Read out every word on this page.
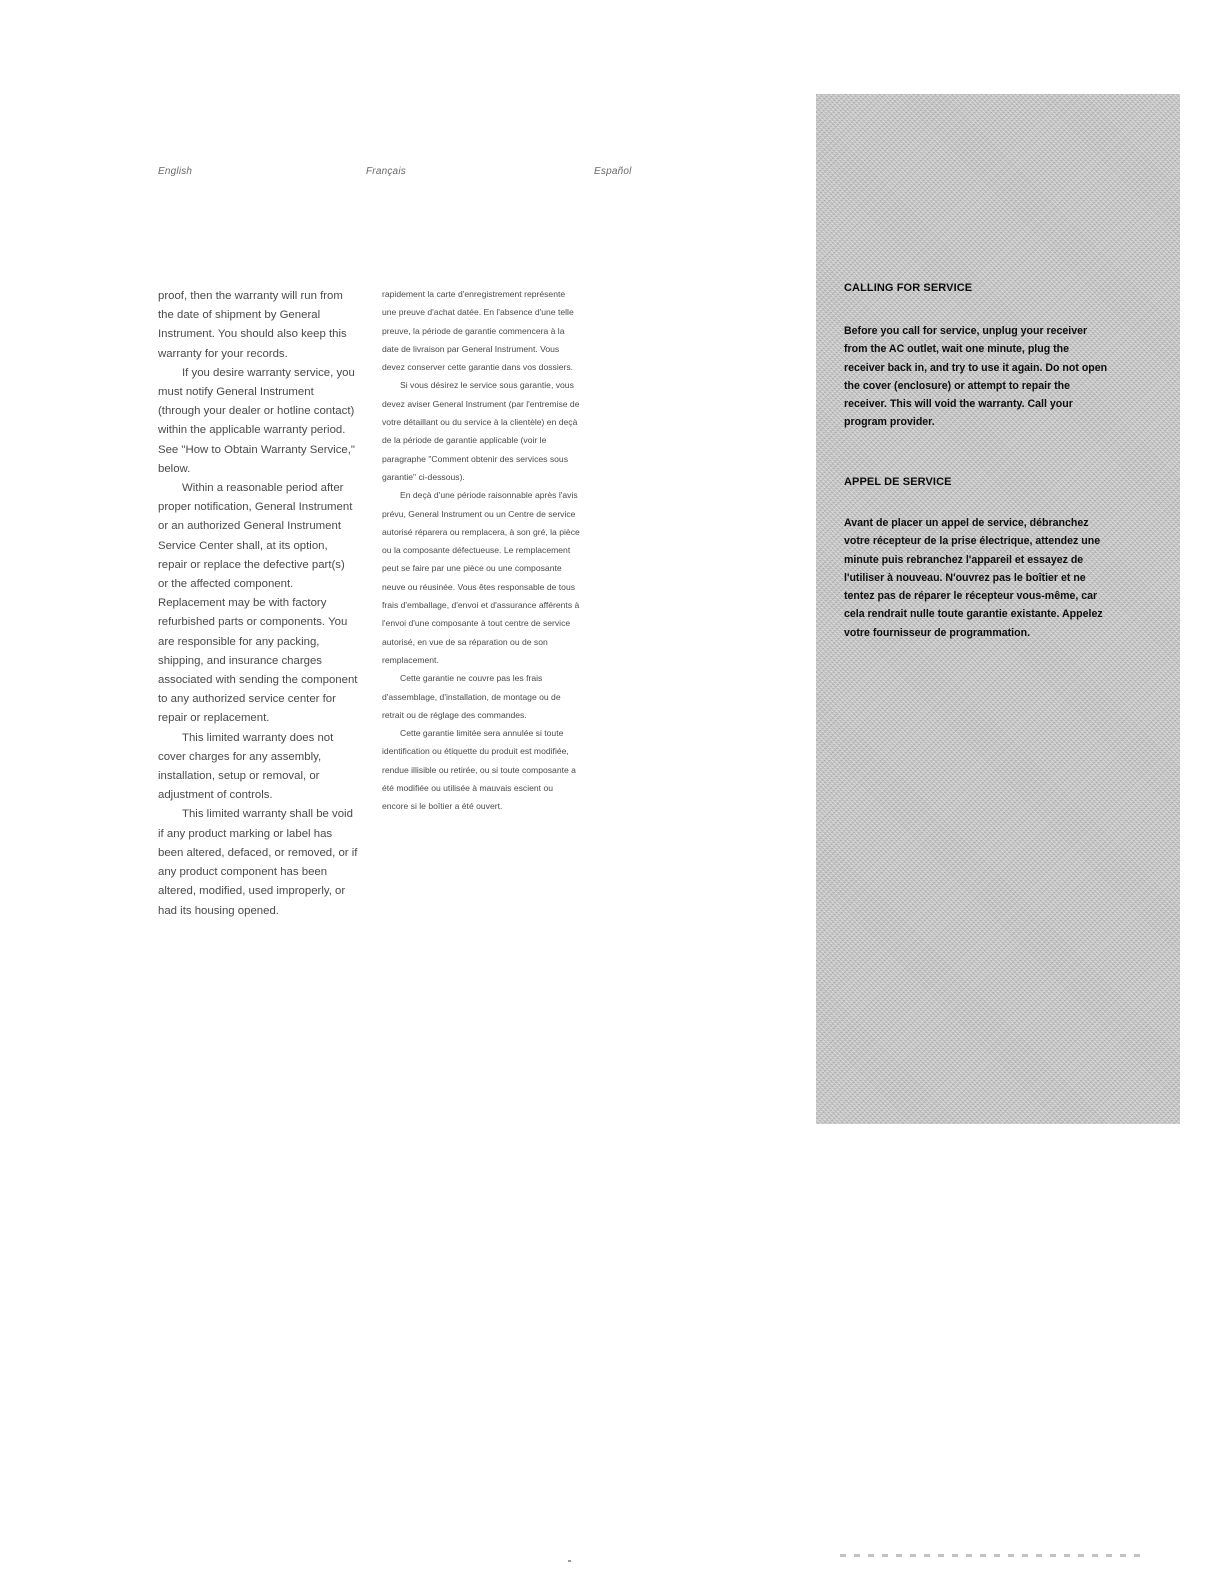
English	Français	Español

proof, then the warranty will run from the date of shipment by General Instrument. You should also keep this warranty for your records.

If you desire warranty service, you must notify General Instrument (through your dealer or hotline contact) within the applicable warranty period. See "How to Obtain Warranty Service," below.

Within a reasonable period after proper notification, General Instrument or an authorized General Instrument Service Center shall, at its option, repair or replace the defective part(s) or the affected component. Replacement may be with factory refurbished parts or components. You are responsible for any packing, shipping, and insurance charges associated with sending the component to any authorized service center for repair or replacement.

This limited warranty does not cover charges for any assembly, installation, setup or removal, or adjustment of controls.

This limited warranty shall be void if any product marking or label has been altered, defaced, or removed, or if any product component has been altered, modified, used improperly, or had its housing opened.

rapidement la carte d'enregistrement représente une preuve d'achat datée. En l'absence d'une telle preuve, la période de garantie commencera à la date de livraison par General Instrument. Vous devez conserver cette garantie dans vos dossiers.

Si vous désirez le service sous garantie, vous devez aviser General Instrument (par l'entremise de votre détaillant ou du service à la clientèle) en deçà de la période de garantie applicable (voir le paragraphe "Comment obtenir des services sous garantie" ci-dessous).

En deçà d'une période raisonnable après l'avis prévu, General Instrument ou un Centre de service autorisé réparera ou remplacera, à son gré, la pièce ou la composante défectueuse. Le remplacement peut se faire par une pièce ou une composante neuve ou réusinée. Vous êtes responsable de tous frais d'emballage, d'envoi et d'assurance afférents à l'envoi d'une composante à tout centre de service autorisé, en vue de sa réparation ou de son remplacement.

Cette garantie ne couvre pas les frais d'assemblage, d'installation, de montage ou de retrait ou de réglage des commandes.

Cette garantie limitée sera annulée si toute identification ou étiquette du produit est modifiée, rendue illisible ou retirée, ou si toute composante a été modifiée ou utilisée à mauvais escient ou encore si le boîtier a été ouvert.

CALLING FOR SERVICE
Before you call for service, unplug your receiver from the AC outlet, wait one minute, plug the receiver back in, and try to use it again. Do not open the cover (enclosure) or attempt to repair the receiver. This will void the warranty. Call your program provider.
APPEL DE SERVICE
Avant de placer un appel de service, débranchez votre récepteur de la prise électrique, attendez une minute puis rebranchez l'appareil et essayez de l'utiliser à nouveau. N'ouvrez pas le boîtier et ne tentez pas de réparer le récepteur vous-même, car cela rendrait nulle toute garantie existante. Appelez votre fournisseur de programmation.
